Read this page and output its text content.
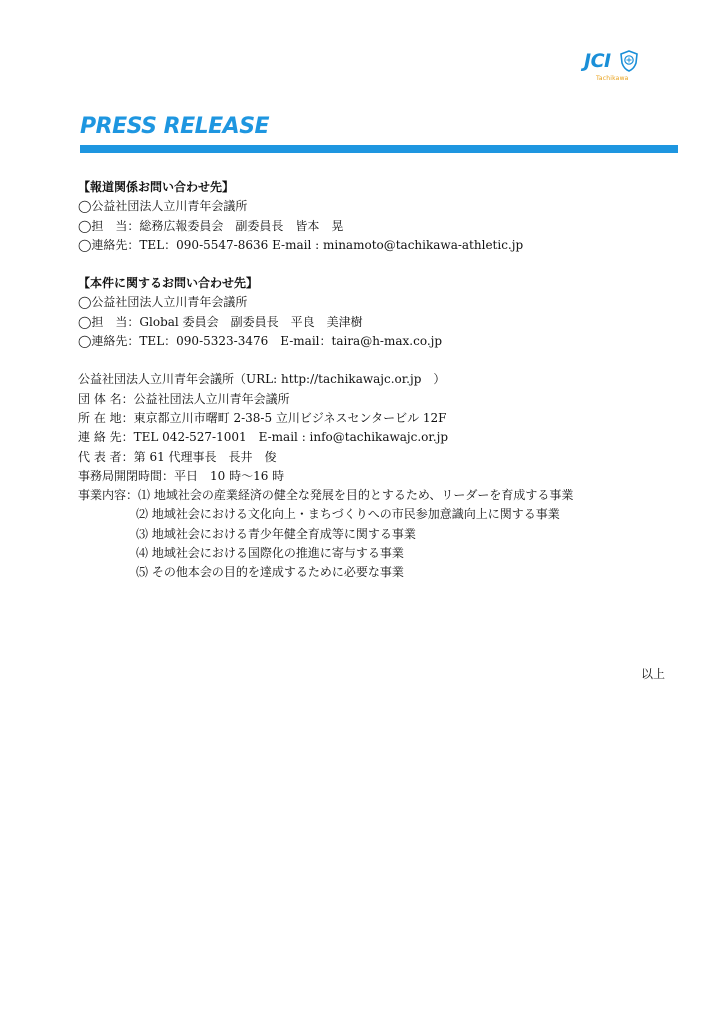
JCI
Tachikawa
PRESS RELEASE
【報道関係お問い合わせ先】
◯公益社団法人立川青年会議所
◯担　当：総務広報委員会　副委員長　皆本　晃
◯連絡先：TEL：090-5547-8636 E-mail : minamoto@tachikawa-athletic.jp
【本件に関するお問い合わせ先】
◯公益社団法人立川青年会議所
◯担　当：Global 委員会　副委員長　平良　美津樹
◯連絡先：TEL：090-5323-3476　E-mail：taira@h-max.co.jp
公益社団法人立川青年会議所（URL: http://tachikawajc.or.jp　）
団 体 名：公益社団法人立川青年会議所
所 在 地：東京都立川市曙町 2-38-5 立川ビジネスセンタービル 12F
連 絡 先：TEL 042-527-1001　E-mail : info@tachikawajc.or.jp
代 表 者：第 61 代理事長　長井　俊
事務局開閉時間：平日　10 時～16 時
事業内容：⑴ 地域社会の産業経済の健全な発展を目的とするため、リーダーを育成する事業
⑵ 地域社会における文化向上・まちづくりへの市民参加意識向上に関する事業
⑶ 地域社会における青少年健全育成等に関する事業
⑷ 地域社会における国際化の推進に寄与する事業
⑸ その他本会の目的を達成するために必要な事業
以上
